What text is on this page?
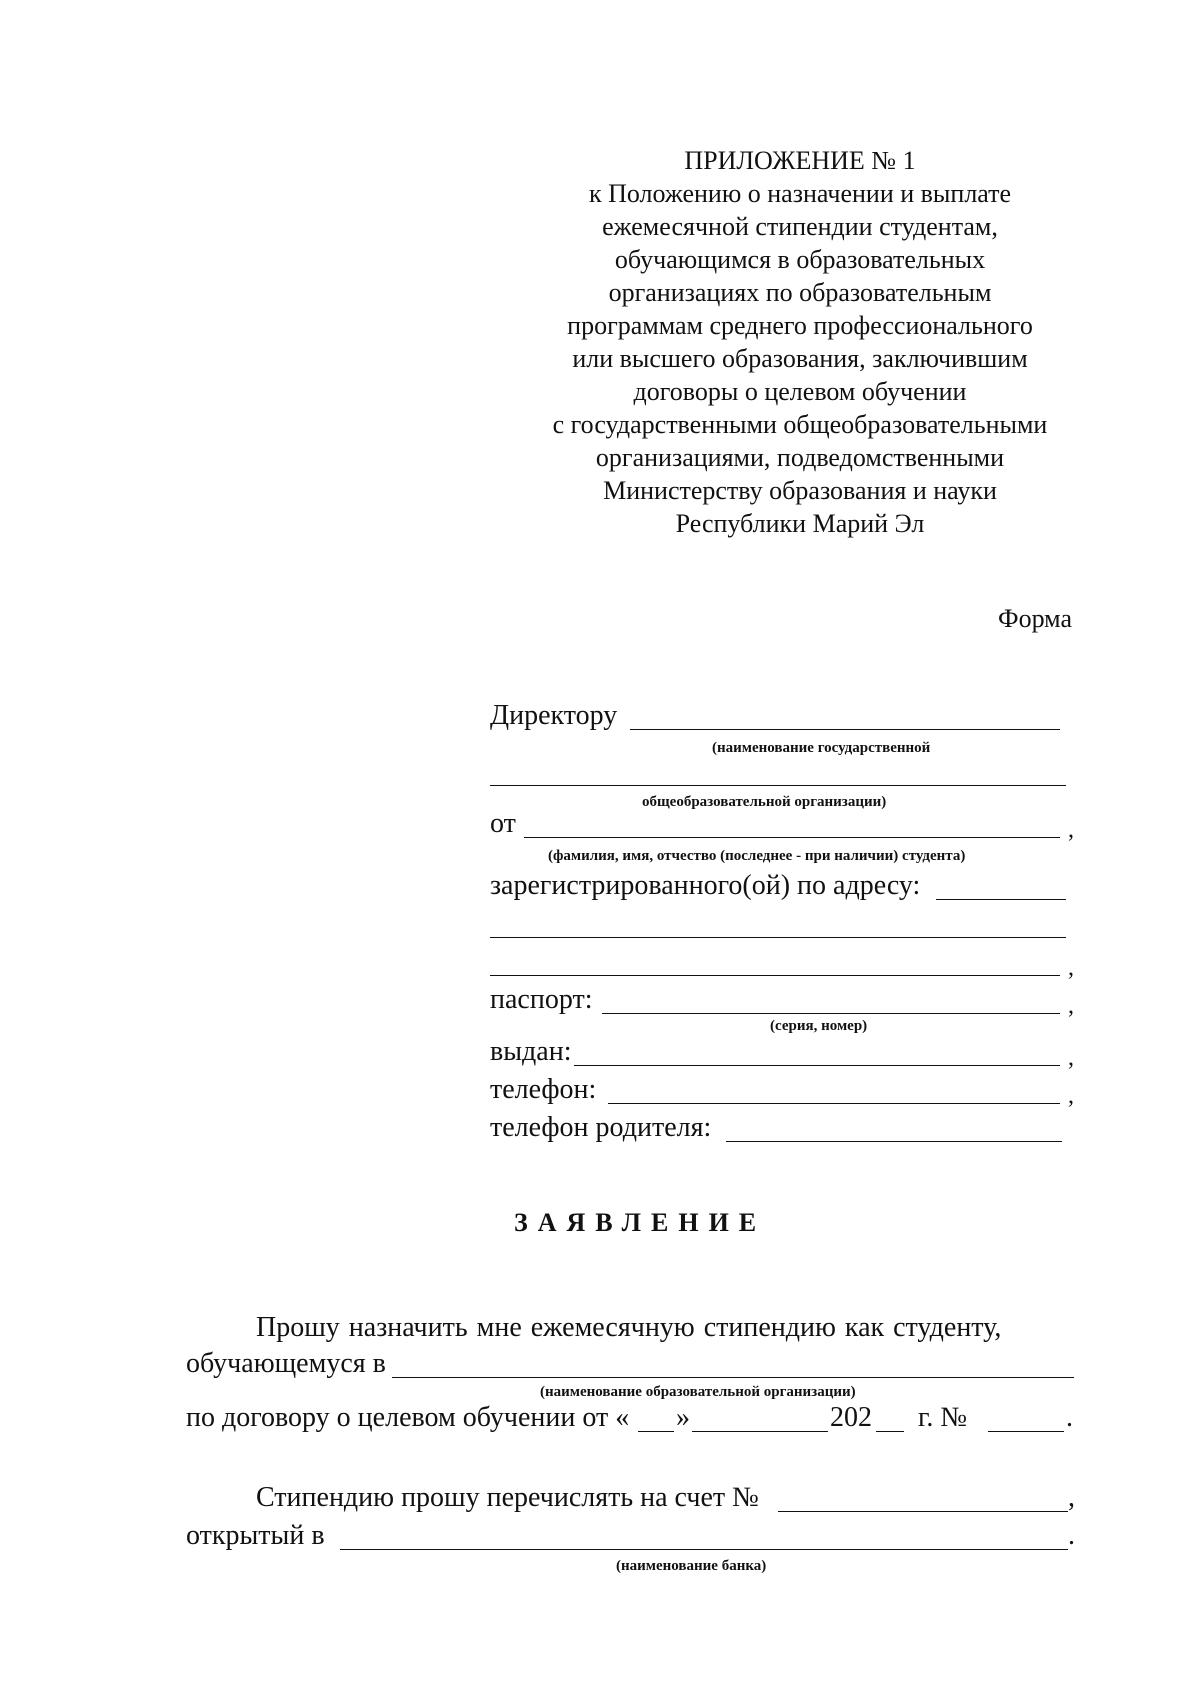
ПРИЛОЖЕНИЕ № 1
к Положению о назначении и выплате
ежемесячной стипендии студентам,
обучающимся в образовательных
организациях по образовательным
программам среднего профессионального
или высшего образования, заключившим
договоры о целевом обучении
с государственными общеобразовательными
организациями, подведомственными
Министерству образования и науки
Республики Марий Эл
Форма
Директору
(наименование государственной
общеобразовательной организации)
от	,
(фамилия, имя, отчество (последнее - при наличии) студента)
зарегистрированного(ой) по адресу:
,
паспорт:	,
(серия, номер)
выдан:	,
телефон:	,
телефон родителя:
ЗАЯВЛЕНИЕ
Прошу назначить мне ежемесячную стипендию как студенту,
обучающемуся в
(наименование образовательной организации)
по договору о целевом обучении от « »	202 г. №	.
Стипендию прошу перечислять на счет №	,
открытый в	.
(наименование банка)
